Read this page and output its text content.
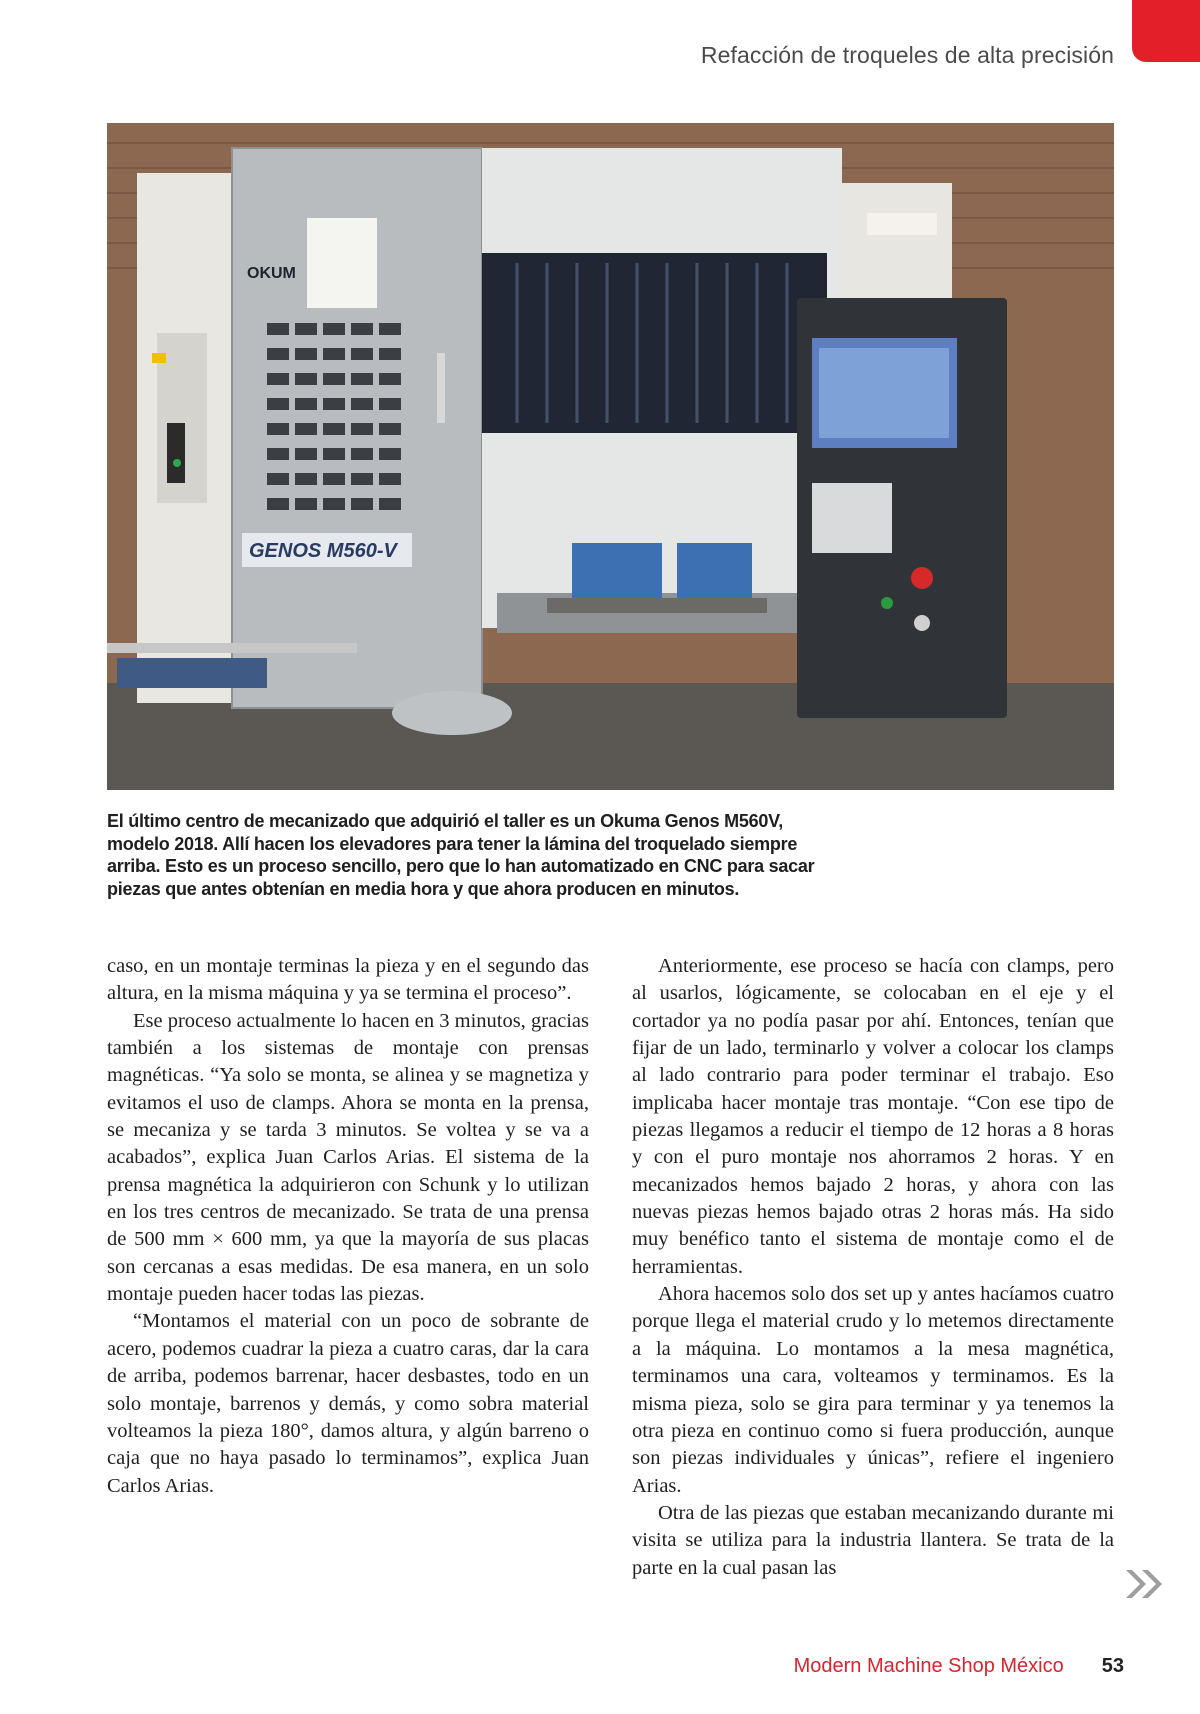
Refacción de troqueles de alta precisión
OKUM
GENOS M560-V
El último centro de mecanizado que adquirió el taller es un Okuma Genos M560V, modelo 2018. Allí hacen los elevadores para tener la lámina del troquelado siempre arriba. Esto es un proceso sencillo, pero que lo han automatizado en CNC para sacar piezas que antes obtenían en media hora y que ahora producen en minutos.

caso, en un montaje terminas la pieza y en el segundo das altura, en la misma máquina y ya se termina el proceso”.

Ese proceso actualmente lo hacen en 3 minutos, gracias también a los sistemas de montaje con prensas magnéticas. “Ya solo se monta, se alinea y se magnetiza y evitamos el uso de clamps. Ahora se monta en la prensa, se mecaniza y se tarda 3 minutos. Se voltea y se va a acabados”, explica Juan Carlos Arias. El sistema de la prensa magnética la adquirieron con Schunk y lo utilizan en los tres centros de mecanizado. Se trata de una prensa de 500 mm × 600 mm, ya que la mayoría de sus placas son cercanas a esas medidas. De esa manera, en un solo montaje pueden hacer todas las piezas.

“Montamos el material con un poco de sobrante de acero, podemos cuadrar la pieza a cuatro caras, dar la cara de arriba, podemos barrenar, hacer desbastes, todo en un solo montaje, barrenos y demás, y como sobra material volteamos la pieza 180°, damos altura, y algún barreno o caja que no haya pasado lo terminamos”, explica Juan Carlos Arias.

Anteriormente, ese proceso se hacía con clamps, pero al usarlos, lógicamente, se colocaban en el eje y el cortador ya no podía pasar por ahí. Entonces, tenían que fijar de un lado, terminarlo y volver a colocar los clamps al lado contrario para poder terminar el trabajo. Eso implicaba hacer montaje tras montaje. “Con ese tipo de piezas llegamos a reducir el tiempo de 12 horas a 8 horas y con el puro montaje nos ahorramos 2 horas. Y en mecanizados hemos bajado 2 horas, y ahora con las nuevas piezas hemos bajado otras 2 horas más. Ha sido muy benéfico tanto el sistema de montaje como el de herramientas.

Ahora hacemos solo dos set up y antes hacíamos cuatro porque llega el material crudo y lo metemos directamente a la máquina. Lo montamos a la mesa magnética, terminamos una cara, volteamos y terminamos. Es la misma pieza, solo se gira para terminar y ya tenemos la otra pieza en continuo como si fuera producción, aunque son piezas individuales y únicas”, refiere el ingeniero Arias.

Otra de las piezas que estaban mecanizando durante mi visita se utiliza para la industria llantera. Se trata de la parte en la cual pasan las

Modern Machine Shop México 53
